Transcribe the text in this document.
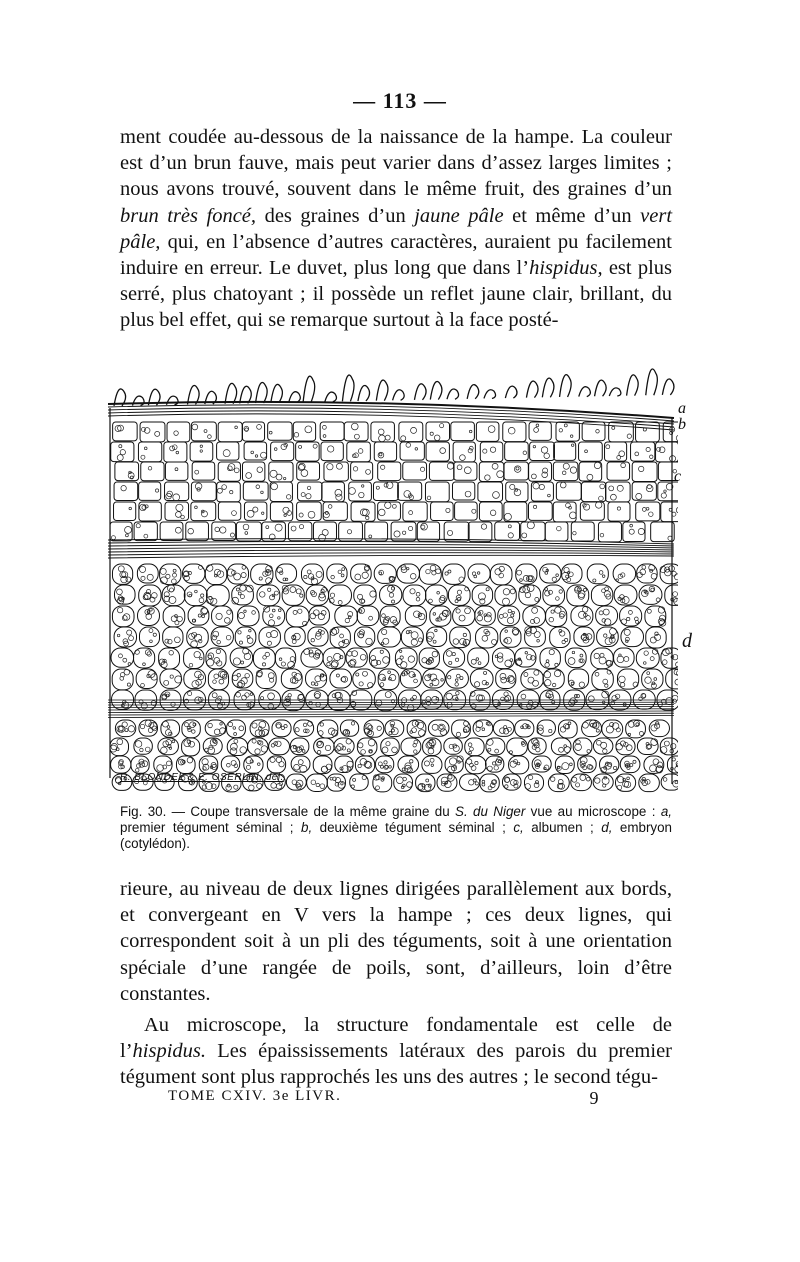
— 113 —

ment coudée au-dessous de la naissance de la hampe. La couleur est d’un brun fauve, mais peut varier dans d’assez larges limites ; nous avons trouvé, souvent dans le même fruit, des graines d’un brun très foncé, des graines d’un jaune pâle et même d’un vert pâle, qui, en l’absence d’autres caractères, auraient pu facilement induire en erreur. Le duvet, plus long que dans l’hispidus, est plus serré, plus chatoyant ; il possède un reflet jaune clair, brillant, du plus bel effet, qui se remarque surtout à la face posté-

a
b
c
d
R. BLONDEL & E. OSERLIN, del.
Fig. 30. — Coupe transversale de la même graine du S. du Niger vue au microscope : a, premier tégument séminal ; b, deuxième tégument séminal ; c, albumen ; d, embryon (cotylédon).

rieure, au niveau de deux lignes dirigées parallèlement aux bords, et convergeant en V vers la hampe ; ces deux lignes, qui correspondent soit à un pli des téguments, soit à une orientation spéciale d’une rangée de poils, sont, d’ailleurs, loin d’être constantes.

Au microscope, la structure fondamentale est celle de l’hispidus. Les épaississements latéraux des parois du premier tégument sont plus rapprochés les uns des autres ; le second tégu-

TOME CXIV. 3e LIVR.	9
